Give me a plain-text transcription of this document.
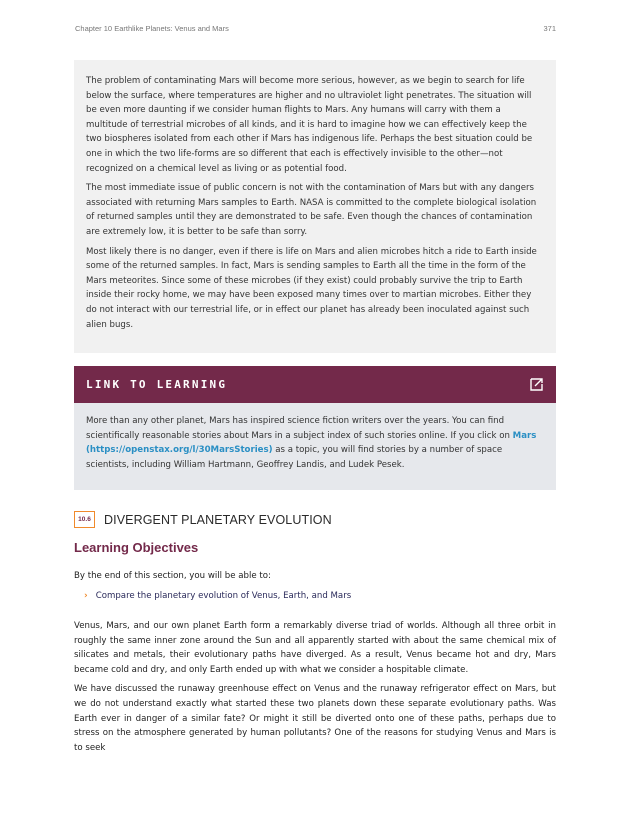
Chapter 10 Earthlike Planets: Venus and Mars	371

The problem of contaminating Mars will become more serious, however, as we begin to search for life below the surface, where temperatures are higher and no ultraviolet light penetrates. The situation will be even more daunting if we consider human flights to Mars. Any humans will carry with them a multitude of terrestrial microbes of all kinds, and it is hard to imagine how we can effectively keep the two biospheres isolated from each other if Mars has indigenous life. Perhaps the best situation could be one in which the two life-forms are so different that each is effectively invisible to the other—not recognized on a chemical level as living or as potential food.

The most immediate issue of public concern is not with the contamination of Mars but with any dangers associated with returning Mars samples to Earth. NASA is committed to the complete biological isolation of returned samples until they are demonstrated to be safe. Even though the chances of contamination are extremely low, it is better to be safe than sorry.

Most likely there is no danger, even if there is life on Mars and alien microbes hitch a ride to Earth inside some of the returned samples. In fact, Mars is sending samples to Earth all the time in the form of the Mars meteorites. Since some of these microbes (if they exist) could probably survive the trip to Earth inside their rocky home, we may have been exposed many times over to martian microbes. Either they do not interact with our terrestrial life, or in effect our planet has already been inoculated against such alien bugs.

LINK TO LEARNING

More than any other planet, Mars has inspired science fiction writers over the years. You can find scientifically reasonable stories about Mars in a subject index of such stories online. If you click on Mars (https://openstax.org/l/30MarsStories) as a topic, you will find stories by a number of space scientists, including William Hartmann, Geoffrey Landis, and Ludek Pesek.

10.6	DIVERGENT PLANETARY EVOLUTION
Learning Objectives
By the end of this section, you will be able to:
› Compare the planetary evolution of Venus, Earth, and Mars

Venus, Mars, and our own planet Earth form a remarkably diverse triad of worlds. Although all three orbit in roughly the same inner zone around the Sun and all apparently started with about the same chemical mix of silicates and metals, their evolutionary paths have diverged. As a result, Venus became hot and dry, Mars became cold and dry, and only Earth ended up with what we consider a hospitable climate.

We have discussed the runaway greenhouse effect on Venus and the runaway refrigerator effect on Mars, but we do not understand exactly what started these two planets down these separate evolutionary paths. Was Earth ever in danger of a similar fate? Or might it still be diverted onto one of these paths, perhaps due to stress on the atmosphere generated by human pollutants? One of the reasons for studying Venus and Mars is to seek
